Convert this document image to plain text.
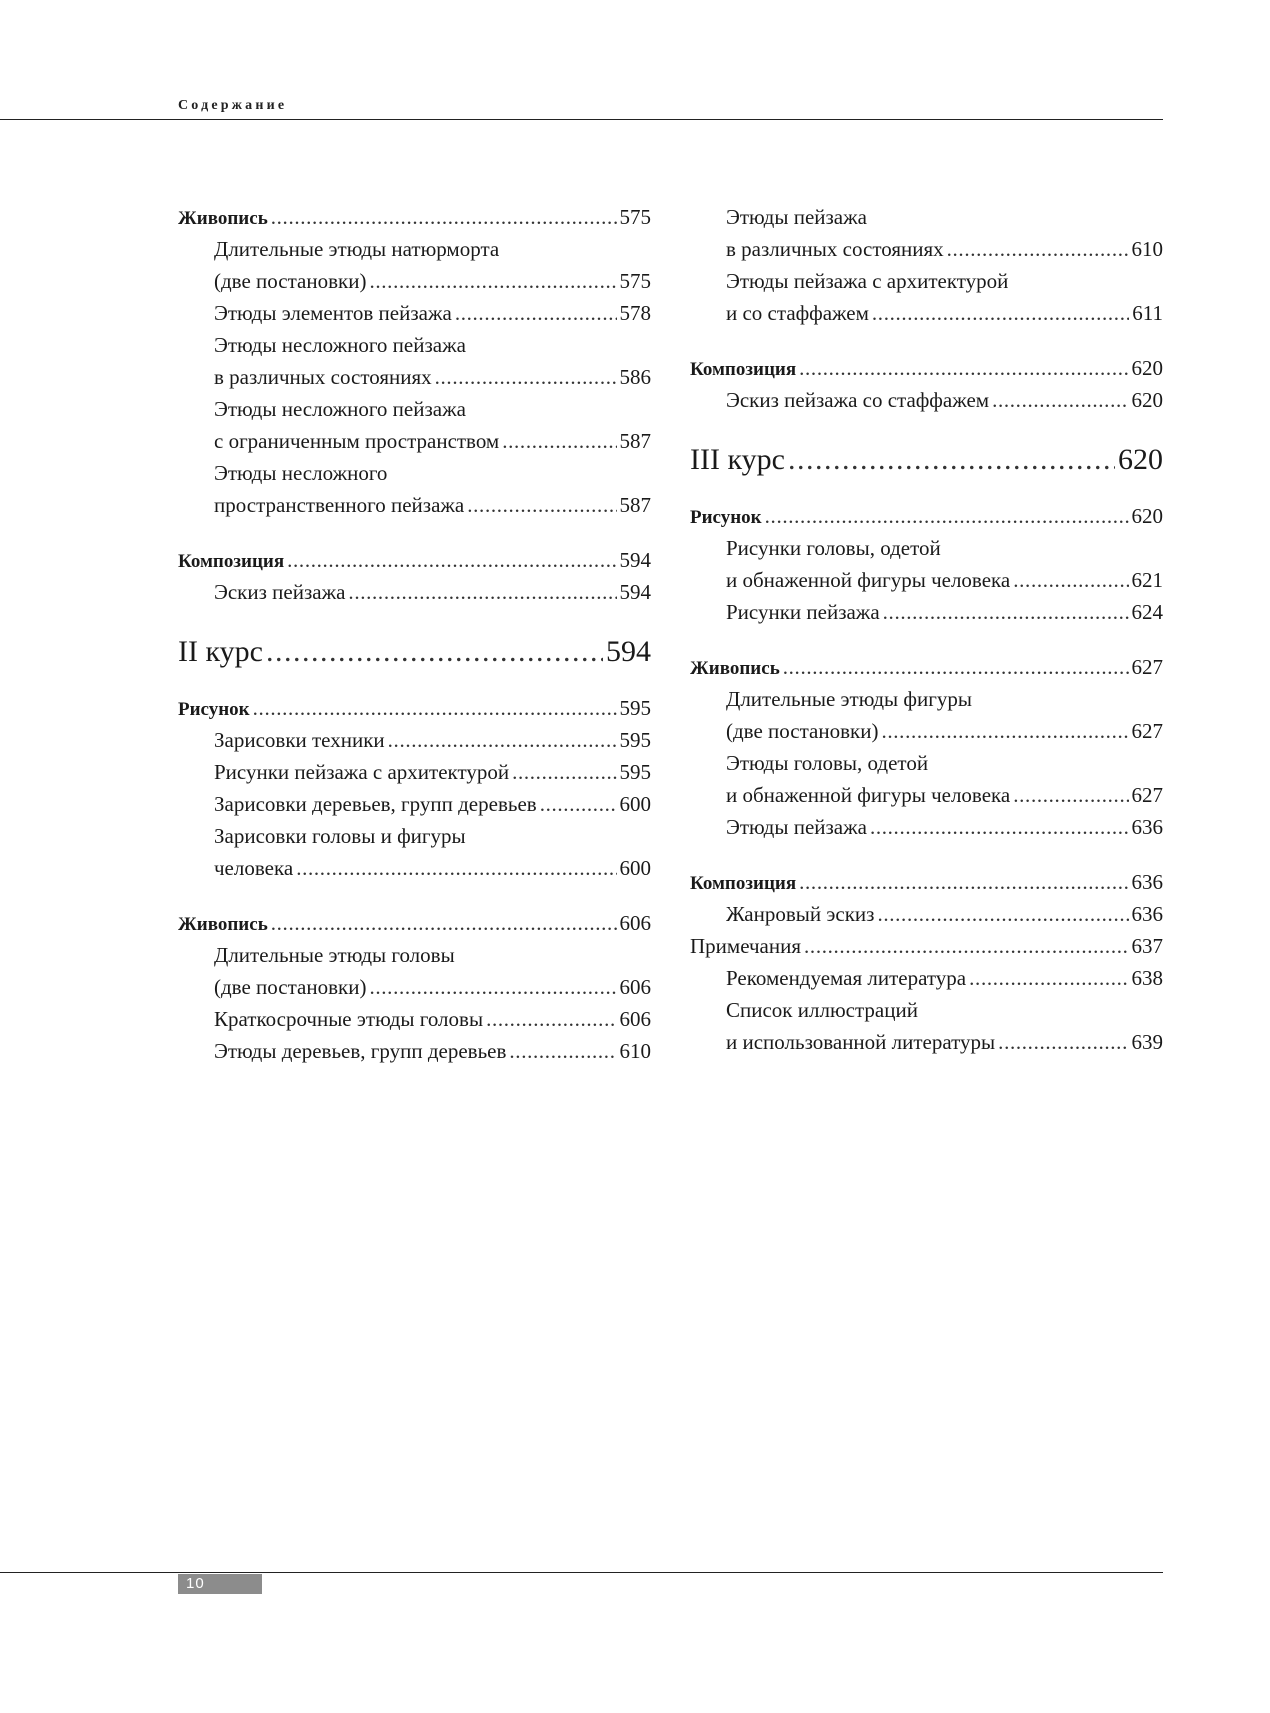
Содержание
Живопись . . .	575
Длительные этюды натюрморта
(две постановки) . . .	575
Этюды элементов пейзажа . . .	578
Этюды несложного пейзажа
в различных состояниях . . .	586
Этюды несложного пейзажа
с ограниченным пространством . . .	587
Этюды несложного
пространственного пейзажа . . .	587
Композиция . . .	594
Эскиз пейзажа . . .	594
II курс . . .	594
Рисунок . . .	595
Зарисовки техники . . .	595
Рисунки пейзажа с архитектурой . . .	595
Зарисовки деревьев, групп деревьев . . .	600
Зарисовки головы и фигуры
человека . . .	600
Живопись . . .	606
Длительные этюды головы
(две постановки) . . .	606
Краткосрочные этюды головы . . .	606
Этюды деревьев, групп деревьев . . .	610
Этюды пейзажа
в различных состояниях . . .	610
Этюды пейзажа с архитектурой
и со стаффажем . . .	611
Композиция . . .	620
Эскиз пейзажа со стаффажем . . .	620
III курс . . .	620
Рисунок . . .	620
Рисунки головы, одетой
и обнаженной фигуры человека . . .	621
Рисунки пейзажа . . .	624
Живопись . . .	627
Длительные этюды фигуры
(две постановки) . . .	627
Этюды головы, одетой
и обнаженной фигуры человека . . .	627
Этюды пейзажа . . .	636
Композиция . . .	636
Жанровый эскиз . . .	636
Примечания . . .	637
Рекомендуемая литература . . .	638
Список иллюстраций
и использованной литературы . . .	639
10
